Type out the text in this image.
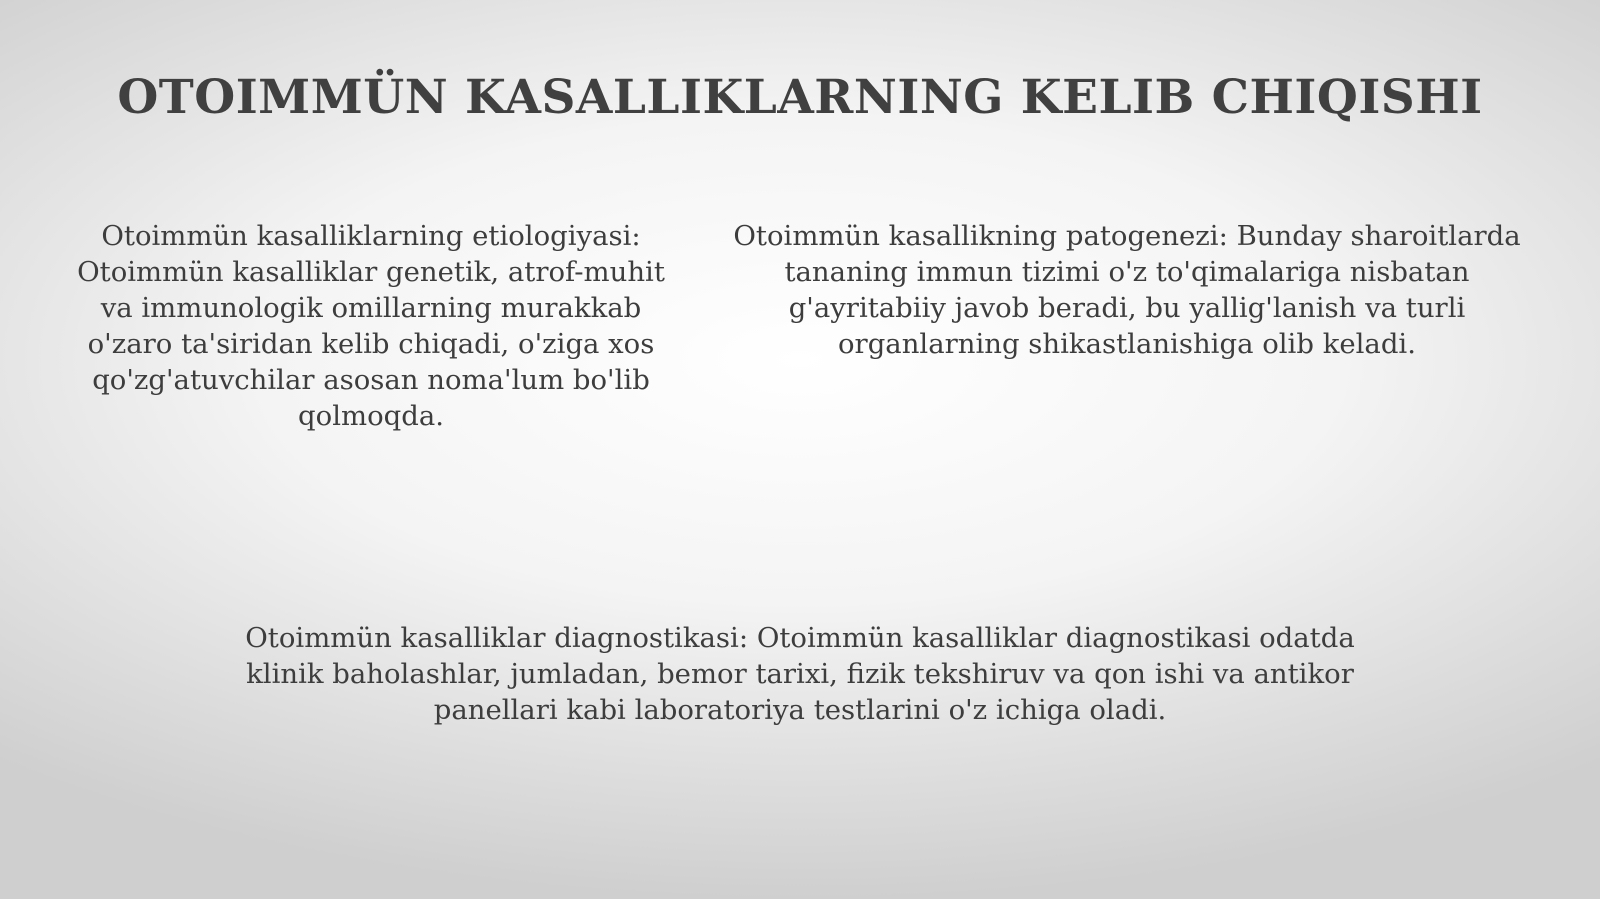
OTOIMMÜN KASALLIKLARNING KELIB CHIQISHI

Otoimmün kasalliklarning etiologiyasi: Otoimmün kasalliklar genetik, atrof-muhit va immunologik omillarning murakkab o'zaro ta'siridan kelib chiqadi, o'ziga xos qo'zg'atuvchilar asosan noma'lum bo'lib qolmoqda.

Otoimmün kasallikning patogenezi: Bunday sharoitlarda tananing immun tizimi o'z to'qimalariga nisbatan g'ayritabiiy javob beradi, bu yallig'lanish va turli organlarning shikastlanishiga olib keladi.

Otoimmün kasalliklar diagnostikasi: Otoimmün kasalliklar diagnostikasi odatda klinik baholashlar, jumladan, bemor tarixi, fizik tekshiruv va qon ishi va antikor panellari kabi laboratoriya testlarini o'z ichiga oladi.
